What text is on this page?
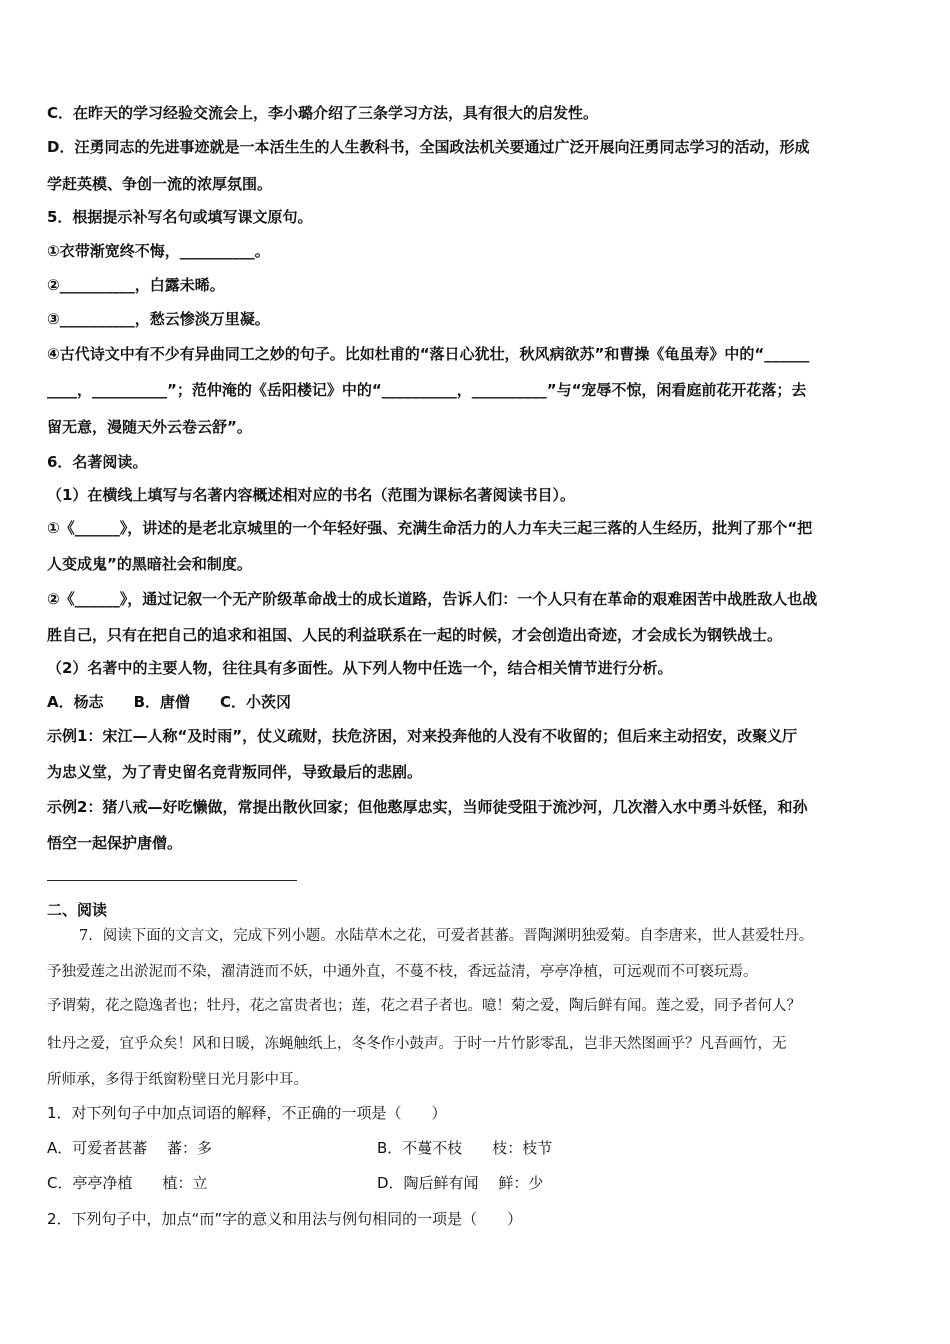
C．在昨天的学习经验交流会上，李小璐介绍了三条学习方法，具有很大的启发性。
D．汪勇同志的先进事迹就是一本活生生的人生教科书，全国政法机关要通过广泛开展向汪勇同志学习的活动，形成
学赶英模、争创一流的浓厚氛围。
5．根据提示补写名句或填写课文原句。
①衣带渐宽终不悔，__________。
②__________，白露未晞。
③__________，愁云惨淡万里凝。
④古代诗文中有不少有异曲同工之妙的句子。比如杜甫的“落日心犹壮，秋风病欲苏”和曹操《龟虽寿》中的“______
____，__________”；范仲淹的《岳阳楼记》中的“__________，__________”与“宠辱不惊，闲看庭前花开花落；去
留无意，漫随天外云卷云舒”。
6．名著阅读。
（1）在横线上填写与名著内容概述相对应的书名（范围为课标名著阅读书目）。
①《______》，讲述的是老北京城里的一个年轻好强、充满生命活力的人力车夫三起三落的人生经历，批判了那个“把
人变成鬼”的黑暗社会和制度。
②《______》，通过记叙一个无产阶级革命战士的成长道路，告诉人们：一个人只有在革命的艰难困苦中战胜敌人也战
胜自己，只有在把自己的追求和祖国、人民的利益联系在一起的时候，才会创造出奇迹，才会成长为钢铁战士。
（2）名著中的主要人物，往往具有多面性。从下列人物中任选一个，结合相关情节进行分析。
A．杨志　　B．唐僧　　C．小茨冈
示例1：宋江—人称“及时雨”，仗义疏财，扶危济困，对来投奔他的人没有不收留的；但后来主动招安，改聚义厅
为忠义堂，为了青史留名竞背叛同伴，导致最后的悲剧。
示例2：猪八戒—好吃懒做，常提出散伙回家；但他憨厚忠实，当师徒受阻于流沙河，几次潜入水中勇斗妖怪，和孙
悟空一起保护唐僧。
二、阅读
7．阅读下面的文言文，完成下列小题。水陆草木之花，可爱者甚蕃。晋陶渊明独爱菊。自李唐来，世人甚爱牡丹。
予独爱莲之出淤泥而不染，濯清涟而不妖，中通外直，不蔓不枝，香远益清，亭亭净植，可远观而不可亵玩焉。
予谓菊，花之隐逸者也；牡丹，花之富贵者也；莲，花之君子者也。噫！菊之爱，陶后鲜有闻。莲之爱，同予者何人？
牡丹之爱，宜乎众矣！风和日暖，冻蝇触纸上，冬冬作小鼓声。于时一片竹影零乱，岂非天然图画乎？凡吾画竹，无
所师承，多得于纸窗粉壁日光月影中耳。
1．对下列句子中加点词语的解释，不正确的一项是（　　）
A．可爱者甚蕃　 蕃：多	B．不蔓不枝　　枝：枝节
C．亭亭净植　　植：立	D．陶后鲜有闻　 鲜：少
2．下列句子中，加点“而”字的意义和用法与例句相同的一项是（　　）
